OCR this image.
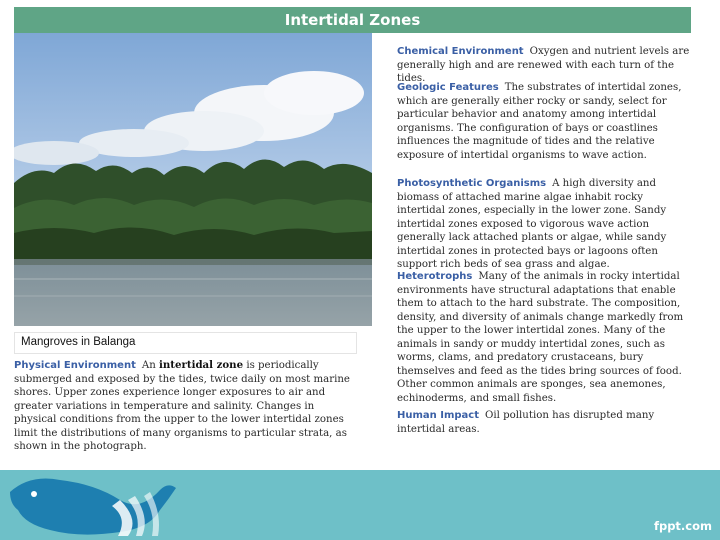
Intertidal Zones
Mangroves in Balanga
Physical Environment An intertidal zone is periodically submerged and exposed by the tides, twice daily on most marine shores. Upper zones experience longer exposures to air and greater variations in temperature and salinity. Changes in physical conditions from the upper to the lower intertidal zones limit the distributions of many organisms to particular strata, as shown in the photograph.
Chemical Environment Oxygen and nutrient levels are generally high and are renewed with each turn of the tides.
Geologic Features The substrates of intertidal zones, which are generally either rocky or sandy, select for particular behavior and anatomy among intertidal organisms. The configuration of bays or coastlines influences the magnitude of tides and the relative exposure of intertidal organisms to wave action.
Photosynthetic Organisms A high diversity and biomass of attached marine algae inhabit rocky intertidal zones, especially in the lower zone. Sandy intertidal zones exposed to vigorous wave action generally lack attached plants or algae, while sandy intertidal zones in protected bays or lagoons often support rich beds of sea grass and algae.
Heterotrophs Many of the animals in rocky intertidal environments have structural adaptations that enable them to attach to the hard substrate. The composition, density, and diversity of animals change markedly from the upper to the lower intertidal zones. Many of the animals in sandy or muddy intertidal zones, such as worms, clams, and predatory crustaceans, bury themselves and feed as the tides bring sources of food. Other common animals are sponges, sea anemones, echinoderms, and small fishes.
Human Impact Oil pollution has disrupted many intertidal areas.
fppt.com
